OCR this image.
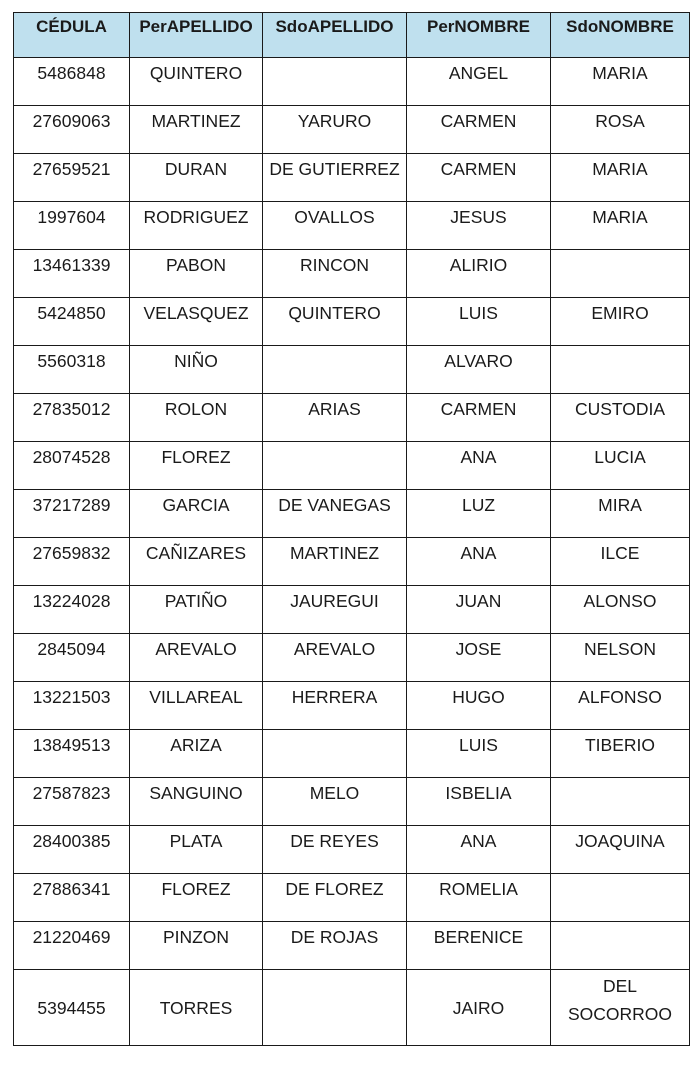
CÉDULA	PerAPELLIDO	SdoAPELLIDO	PerNOMBRE	SdoNOMBRE
5486848	QUINTERO		ANGEL	MARIA
27609063	MARTINEZ	YARURO	CARMEN	ROSA
27659521	DURAN	DE GUTIERREZ	CARMEN	MARIA
1997604	RODRIGUEZ	OVALLOS	JESUS	MARIA
13461339	PABON	RINCON	ALIRIO	
5424850	VELASQUEZ	QUINTERO	LUIS	EMIRO
5560318	NIÑO		ALVARO	
27835012	ROLON	ARIAS	CARMEN	CUSTODIA
28074528	FLOREZ		ANA	LUCIA
37217289	GARCIA	DE VANEGAS	LUZ	MIRA
27659832	CAÑIZARES	MARTINEZ	ANA	ILCE
13224028	PATIÑO	JAUREGUI	JUAN	ALONSO
2845094	AREVALO	AREVALO	JOSE	NELSON
13221503	VILLAREAL	HERRERA	HUGO	ALFONSO
13849513	ARIZA		LUIS	TIBERIO
27587823	SANGUINO	MELO	ISBELIA	
28400385	PLATA	DE REYES	ANA	JOAQUINA
27886341	FLOREZ	DE FLOREZ	ROMELIA	
21220469	PINZON	DE ROJAS	BERENICE	
5394455	TORRES		JAIRO	DEL SOCORROO
